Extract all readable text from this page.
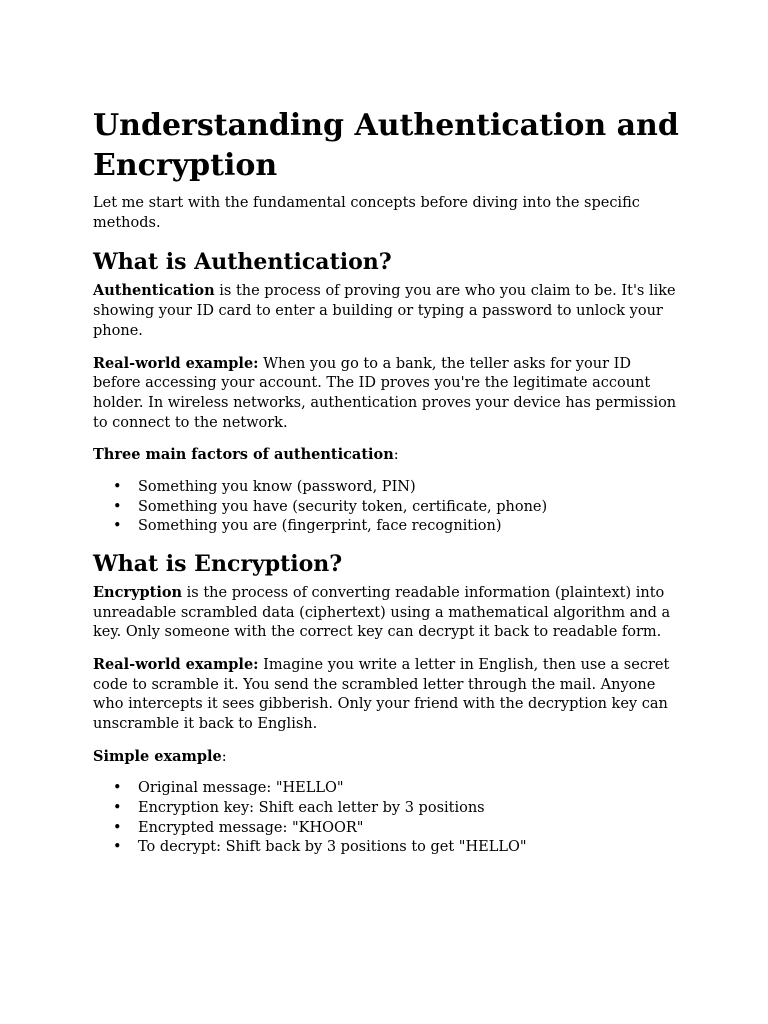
Understanding Authentication and Encryption

Let me start with the fundamental concepts before diving into the specific methods.

What is Authentication?

Authentication is the process of proving you are who you claim to be. It's like showing your ID card to enter a building or typing a password to unlock your phone.

Real-world example: When you go to a bank, the teller asks for your ID before accessing your account. The ID proves you're the legitimate account holder. In wireless networks, authentication proves your device has permission to connect to the network.

Three main factors of authentication:

• Something you know (password, PIN)
• Something you have (security token, certificate, phone)
• Something you are (fingerprint, face recognition)
What is Encryption?

Encryption is the process of converting readable information (plaintext) into unreadable scrambled data (ciphertext) using a mathematical algorithm and a key. Only someone with the correct key can decrypt it back to readable form.

Real-world example: Imagine you write a letter in English, then use a secret code to scramble it. You send the scrambled letter through the mail. Anyone who intercepts it sees gibberish. Only your friend with the decryption key can unscramble it back to English.

Simple example:

• Original message: "HELLO"
• Encryption key: Shift each letter by 3 positions
• Encrypted message: "KHOOR"
• To decrypt: Shift back by 3 positions to get "HELLO"
